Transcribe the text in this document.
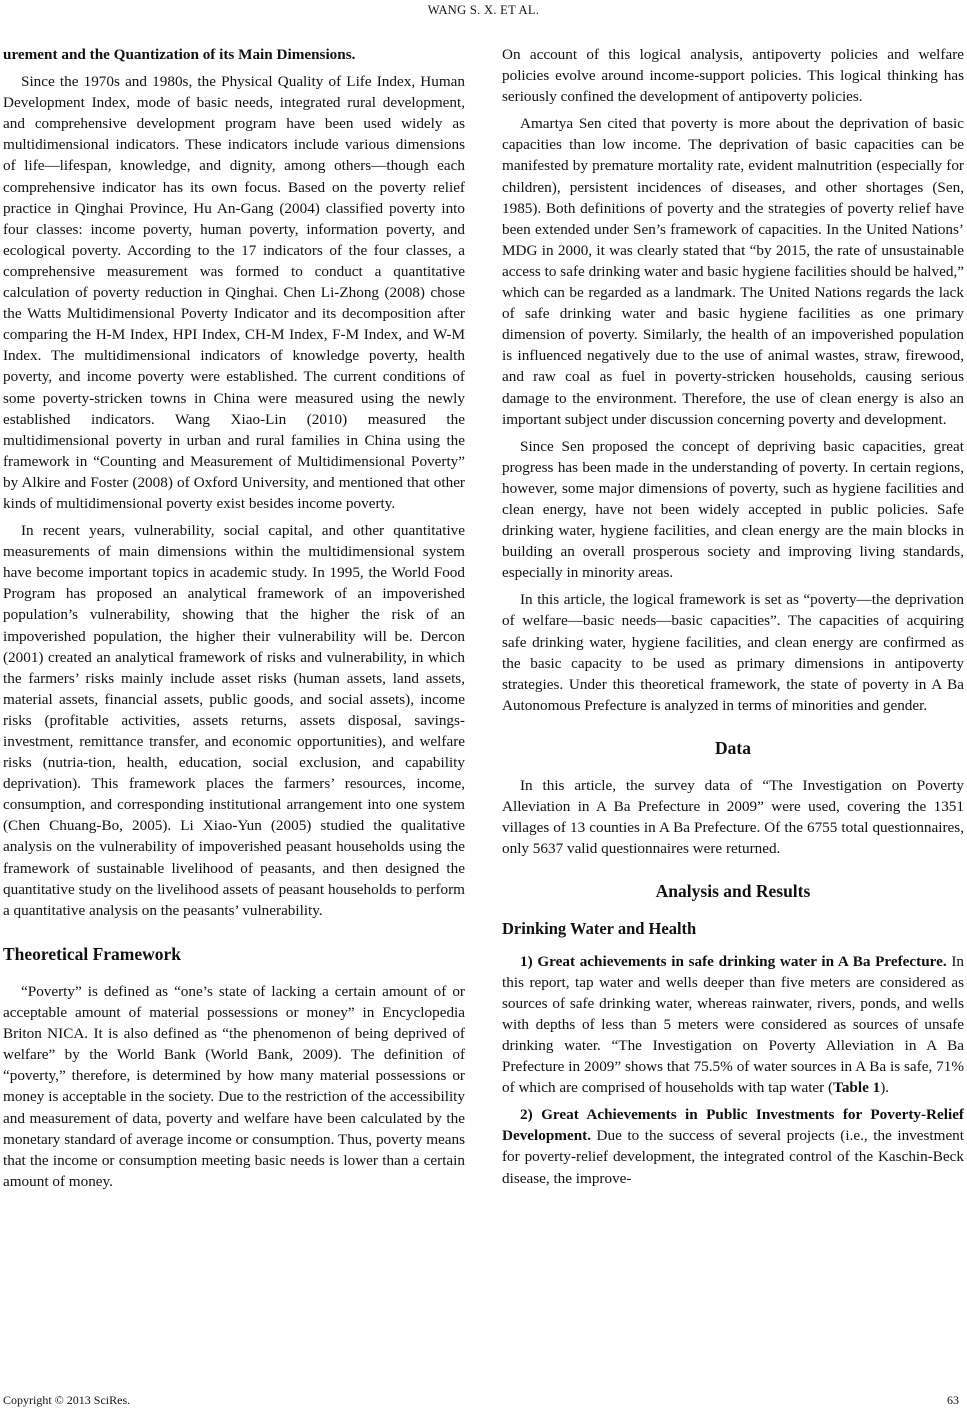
WANG S. X. ET AL.

urement and the Quantization of its Main Dimensions.

Since the 1970s and 1980s, the Physical Quality of Life Index, Human Development Index, mode of basic needs, integrated rural development, and comprehensive development program have been used widely as multidimensional indicators. These indicators include various dimensions of life—lifespan, knowledge, and dignity, among others—though each comprehensive indicator has its own focus. Based on the poverty relief practice in Qinghai Province, Hu An-Gang (2004) classified poverty into four classes: income poverty, human poverty, information poverty, and ecological poverty. According to the 17 indicators of the four classes, a comprehensive measurement was formed to conduct a quantitative calculation of poverty reduction in Qinghai. Chen Li-Zhong (2008) chose the Watts Multidimensional Poverty Indicator and its decomposition after comparing the H-M Index, HPI Index, CH-M Index, F-M Index, and W-M Index. The multidimensional indicators of knowledge poverty, health poverty, and income poverty were established. The current conditions of some poverty-stricken towns in China were measured using the newly established indicators. Wang Xiao-Lin (2010) measured the multidimensional poverty in urban and rural families in China using the framework in “Counting and Measurement of Multidimensional Poverty” by Alkire and Foster (2008) of Oxford University, and mentioned that other kinds of multidimensional poverty exist besides income poverty.

In recent years, vulnerability, social capital, and other quantitative measurements of main dimensions within the multidimensional system have become important topics in academic study. In 1995, the World Food Program has proposed an analytical framework of an impoverished population’s vulnerability, showing that the higher the risk of an impoverished population, the higher their vulnerability will be. Dercon (2001) created an analytical framework of risks and vulnerability, in which the farmers’ risks mainly include asset risks (human assets, land assets, material assets, financial assets, public goods, and social assets), income risks (profitable activities, assets returns, assets disposal, savings-investment, remittance transfer, and economic opportunities), and welfare risks (nutria-tion, health, education, social exclusion, and capability deprivation). This framework places the farmers’ resources, income, consumption, and corresponding institutional arrangement into one system (Chen Chuang-Bo, 2005). Li Xiao-Yun (2005) studied the qualitative analysis on the vulnerability of impoverished peasant households using the framework of sustainable livelihood of peasants, and then designed the quantitative study on the livelihood assets of peasant households to perform a quantitative analysis on the peasants’ vulnerability.

Theoretical Framework

“Poverty” is defined as “one’s state of lacking a certain amount of or acceptable amount of material possessions or money” in Encyclopedia Briton NICA. It is also defined as “the phenomenon of being deprived of welfare” by the World Bank (World Bank, 2009). The definition of “poverty,” therefore, is determined by how many material possessions or money is acceptable in the society. Due to the restriction of the accessibility and measurement of data, poverty and welfare have been calculated by the monetary standard of average income or consumption. Thus, poverty means that the income or consumption meeting basic needs is lower than a certain amount of money.

On account of this logical analysis, antipoverty policies and welfare policies evolve around income-support policies. This logical thinking has seriously confined the development of antipoverty policies.

Amartya Sen cited that poverty is more about the deprivation of basic capacities than low income. The deprivation of basic capacities can be manifested by premature mortality rate, evident malnutrition (especially for children), persistent incidences of diseases, and other shortages (Sen, 1985). Both definitions of poverty and the strategies of poverty relief have been extended under Sen’s framework of capacities. In the United Nations’ MDG in 2000, it was clearly stated that “by 2015, the rate of unsustainable access to safe drinking water and basic hygiene facilities should be halved,” which can be regarded as a landmark. The United Nations regards the lack of safe drinking water and basic hygiene facilities as one primary dimension of poverty. Similarly, the health of an impoverished population is influenced negatively due to the use of animal wastes, straw, firewood, and raw coal as fuel in poverty-stricken households, causing serious damage to the environment. Therefore, the use of clean energy is also an important subject under discussion concerning poverty and development.

Since Sen proposed the concept of depriving basic capacities, great progress has been made in the understanding of poverty. In certain regions, however, some major dimensions of poverty, such as hygiene facilities and clean energy, have not been widely accepted in public policies. Safe drinking water, hygiene facilities, and clean energy are the main blocks in building an overall prosperous society and improving living standards, especially in minority areas.

In this article, the logical framework is set as “poverty—the deprivation of welfare—basic needs—basic capacities”. The capacities of acquiring safe drinking water, hygiene facilities, and clean energy are confirmed as the basic capacity to be used as primary dimensions in antipoverty strategies. Under this theoretical framework, the state of poverty in A Ba Autonomous Prefecture is analyzed in terms of minorities and gender.

Data

In this article, the survey data of “The Investigation on Poverty Alleviation in A Ba Prefecture in 2009” were used, covering the 1351 villages of 13 counties in A Ba Prefecture. Of the 6755 total questionnaires, only 5637 valid questionnaires were returned.

Analysis and Results
Drinking Water and Health

1) Great achievements in safe drinking water in A Ba Prefecture. In this report, tap water and wells deeper than five meters are considered as sources of safe drinking water, whereas rainwater, rivers, ponds, and wells with depths of less than 5 meters were considered as sources of unsafe drinking water. “The Investigation on Poverty Alleviation in A Ba Prefecture in 2009” shows that 75.5% of water sources in A Ba is safe, 71% of which are comprised of households with tap water (Table 1).

2) Great Achievements in Public Investments for Poverty-Relief Development. Due to the success of several projects (i.e., the investment for poverty-relief development, the integrated control of the Kaschin-Beck disease, the improve-

Copyright © 2013 SciRes.	63
